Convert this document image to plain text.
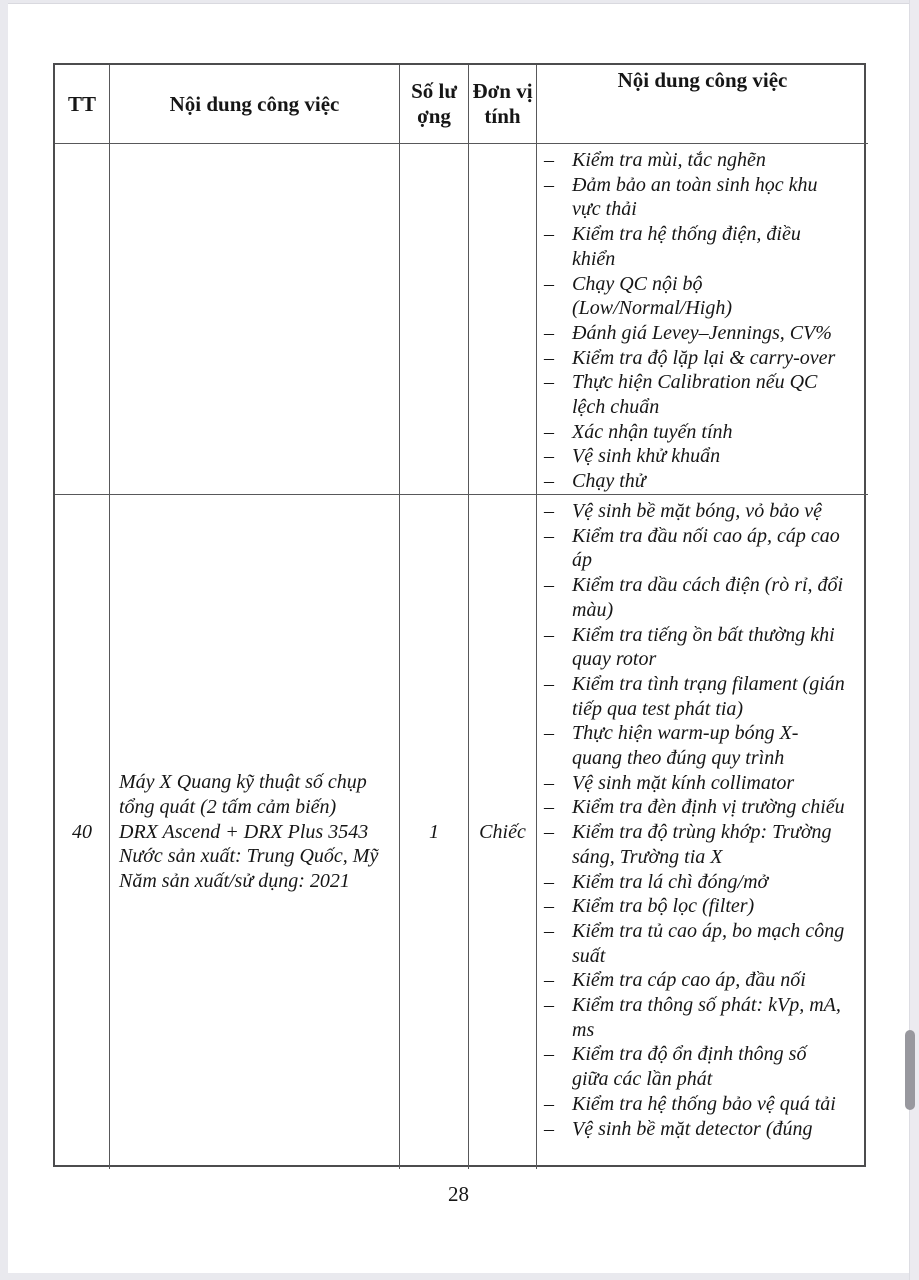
TT	Nội dung công việc
Số lượng
Đơn vị tính
Nội dung công việc
– Kiểm tra mùi, tắc nghẽn
– Đảm bảo an toàn sinh học khu vực thải
– Kiểm tra hệ thống điện, điều khiển
– Chạy QC nội bộ (Low/Normal/High)
– Đánh giá Levey–Jennings, CV%
– Kiểm tra độ lặp lại & carry-over
– Thực hiện Calibration nếu QC lệch chuẩn
– Xác nhận tuyến tính
– Vệ sinh khử khuẩn
– Chạy thử
40
Máy X Quang kỹ thuật số chụp tổng quát (2 tấm cảm biến)
DRX Ascend + DRX Plus 3543
Nước sản xuất: Trung Quốc, Mỹ
Năm sản xuất/sử dụng: 2021
1	Chiếc
– Vệ sinh bề mặt bóng, vỏ bảo vệ
– Kiểm tra đầu nối cao áp, cáp cao áp
– Kiểm tra dầu cách điện (rò rỉ, đổi màu)
– Kiểm tra tiếng ồn bất thường khi quay rotor
– Kiểm tra tình trạng filament (gián tiếp qua test phát tia)
– Thực hiện warm-up bóng X-quang theo đúng quy trình
– Vệ sinh mặt kính collimator
– Kiểm tra đèn định vị trường chiếu
– Kiểm tra độ trùng khớp: Trường sáng, Trường tia X
– Kiểm tra lá chì đóng/mở
– Kiểm tra bộ lọc (filter)
– Kiểm tra tủ cao áp, bo mạch công suất
– Kiểm tra cáp cao áp, đầu nối
– Kiểm tra thông số phát: kVp, mA, ms
– Kiểm tra độ ổn định thông số giữa các lần phát
– Kiểm tra hệ thống bảo vệ quá tải
– Vệ sinh bề mặt detector (đúng
28
